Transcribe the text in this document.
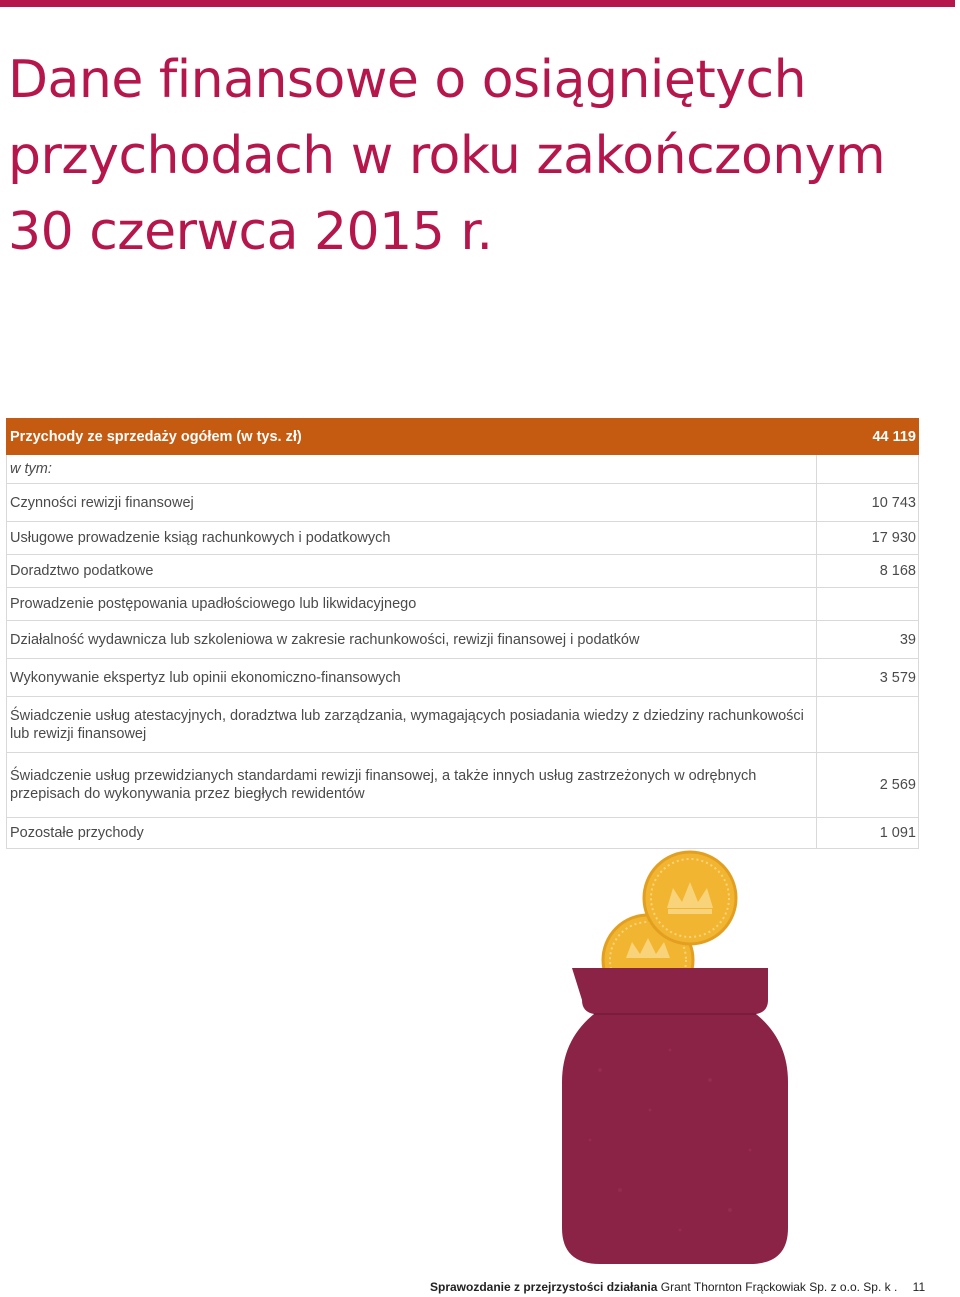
Dane finansowe o osiągniętych przychodach w roku zakończonym 30 czerwca 2015 r.
Przychody ze sprzedaży ogółem (w tys. zł)	44 119
w tym:	
Czynności rewizji finansowej	10 743
Usługowe prowadzenie ksiąg rachunkowych i podatkowych	17 930
Doradztwo podatkowe	8 168
Prowadzenie postępowania upadłościowego lub likwidacyjnego	
Działalność wydawnicza lub szkoleniowa w zakresie rachunkowości, rewizji finansowej i podatków	39
Wykonywanie ekspertyz lub opinii ekonomiczno-finansowych	3 579
Świadczenie usług atestacyjnych, doradztwa lub zarządzania, wymagających posiadania wiedzy z dziedziny rachunkowości lub rewizji finansowej	
Świadczenie usług przewidzianych standardami rewizji finansowej, a także innych usług zastrzeżonych w odrębnych przepisach do wykonywania przez biegłych rewidentów	2 569
Pozostałe przychody	1 091
Sprawozdanie z przejrzystości działania Grant Thornton Frąckowiak Sp. z o.o. Sp. k . 11
